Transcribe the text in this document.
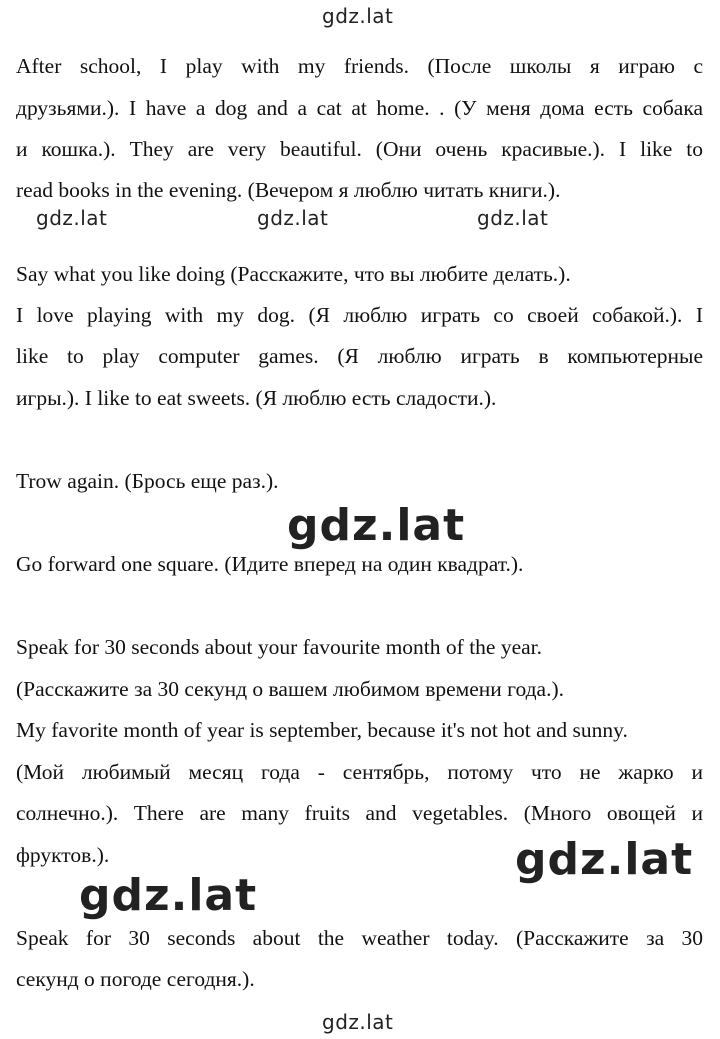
gdz.lat
gdz.lat	gdz.lat	gdz.lat
gdz.lat
gdz.lat
gdz.lat
gdz.lat
After school, I play with my friends. (После школы я играю с
друзьями.). I have a dog and a cat at home. . (У меня дома есть собака
и кошка.). They are very beautiful. (Они очень красивые.). I like to
read books in the evening. (Вечером я люблю читать книги.).
Say what you like doing (Расскажите, что вы любите делать.).
I love playing with my dog. (Я люблю играть со своей собакой.). I
like to play computer games. (Я люблю играть в компьютерные
игры.). I like to eat sweets. (Я люблю есть сладости.).
Trow again. (Брось еще раз.).
Go forward one square. (Идите вперед на один квадрат.).
Speak for 30 seconds about your favourite month of the year.
(Расскажите за 30 секунд о вашем любимом времени года.).
My favorite month of year is september, because it's not hot and sunny.
(Мой любимый месяц года - сентябрь, потому что не жарко и
солнечно.). There are many fruits and vegetables. (Много овощей и
фруктов.).
Speak for 30 seconds about the weather today. (Расскажите за 30
секунд о погоде сегодня.).
